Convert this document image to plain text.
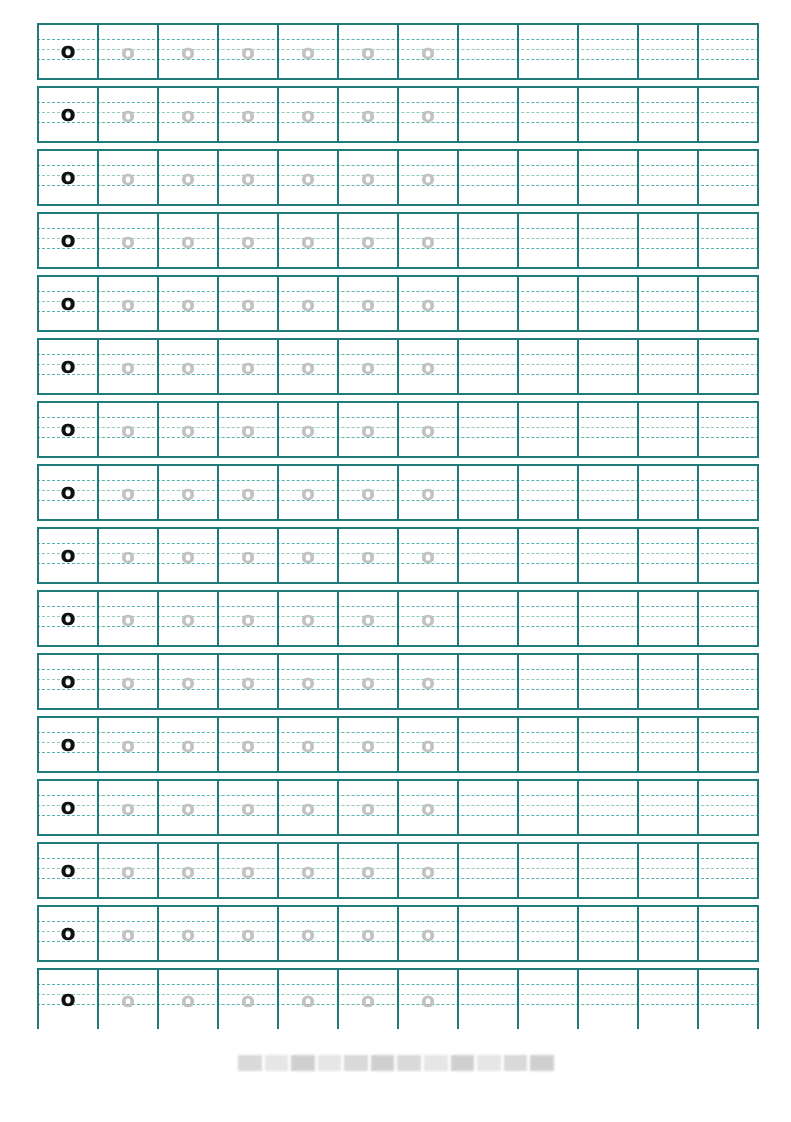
o	o	o	o	o	o	o
o	o	o	o	o	o	o
o	o	o	o	o	o	o
o	o	o	o	o	o	o
o	o	o	o	o	o	o
o	o	o	o	o	o	o
o	o	o	o	o	o	o
o	o	o	o	o	o	o
o	o	o	o	o	o	o
o	o	o	o	o	o	o
o	o	o	o	o	o	o
o	o	o	o	o	o	o
o	o	o	o	o	o	o
o	o	o	o	o	o	o
o	o	o	o	o	o	o
o	o	o	o	o	o	o
